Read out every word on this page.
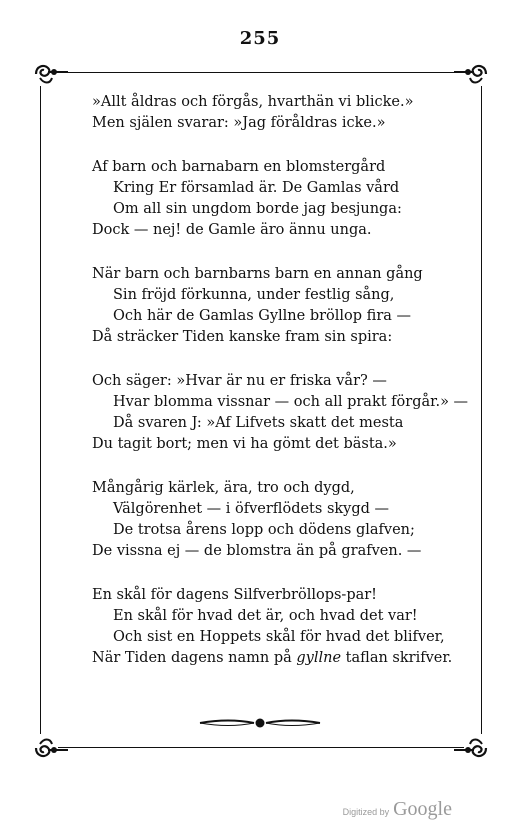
255
»Allt åldras och förgås, hvarthän vi blicke.»
Men själen svarar: »Jag föråldras icke.»
Af barn och barnabarn en blomstergård
Kring Er församlad är. De Gamlas vård
Om all sin ungdom borde jag besjunga:
Dock — nej! de Gamle äro ännu unga.
När barn och barnbarns barn en annan gång
Sin fröjd förkunna, under festlig sång,
Och här de Gamlas Gyllne bröllop fira —
Då sträcker Tiden kanske fram sin spira:
Och säger: »Hvar är nu er friska vår? —
Hvar blomma vissnar — och all prakt förgår.» —
Då svaren J: »Af Lifvets skatt det mesta
Du tagit bort; men vi ha gömt det bästa.»
Mångårig kärlek, ära, tro och dygd,
Välgörenhet — i öfverflödets skygd —
De trotsa årens lopp och dödens glafven;
De vissna ej — de blomstra än på grafven. —
En skål för dagens Silfverbröllops-par!
En skål för hvad det är, och hvad det var!
Och sist en Hoppets skål för hvad det blifver,
När Tiden dagens namn på gyllne taflan skrifver.
Digitized by Google
